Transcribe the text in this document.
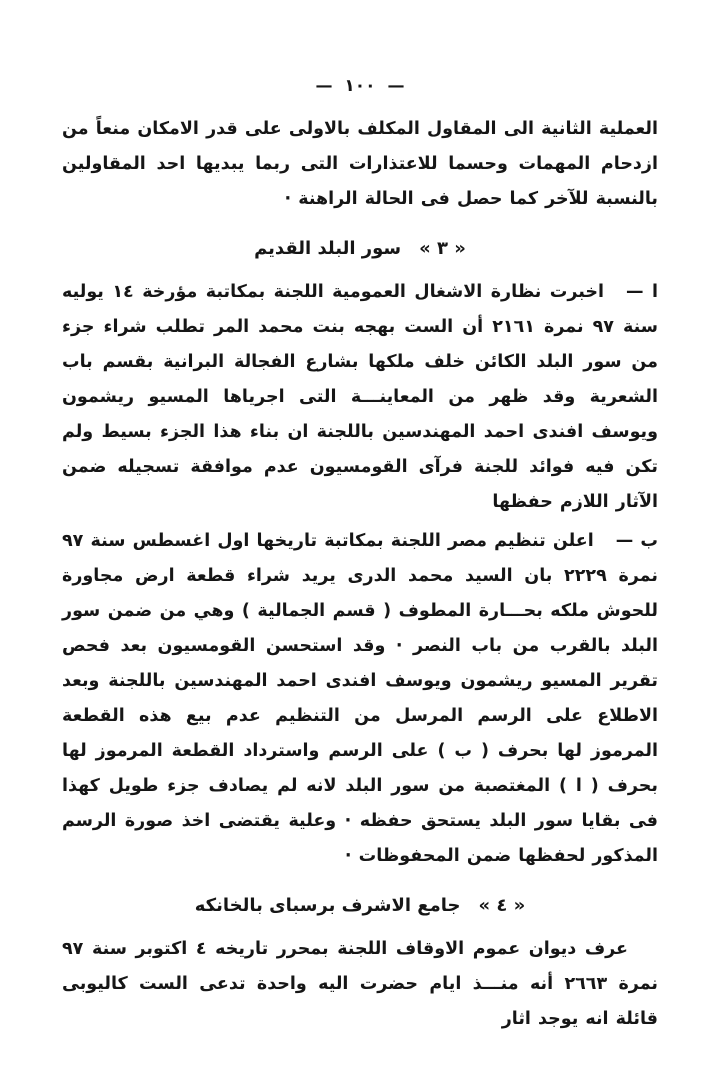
— ١٠٠ —

العملية الثانية الى المقاول المكلف بالاولى على قدر الامكان منعاً من ازدحام المهمات وحسما للاعتذارات التى ربما يبديها احد المقاولين بالنسبة للآخر كما حصل فى الحالة الراهنة ·

« ٣ »سور البلد القديم

ا —اخبرت نظارة الاشغال العمومية اللجنة بمكاتبة مؤرخة ١٤ يوليه سنة ٩٧ نمرة ٢١٦١ أن الست بهجه بنت محمد المر تطلب شراء جزء من سور البلد الكائن خلف ملكها بشارع الفجالة البرانية بقسم باب الشعرية وقد ظهر من المعاينـــة التى اجرياها المسيو ريشمون ويوسف افندى احمد المهندسين باللجنة ان بناء هذا الجزء بسيط ولم تكن فيه فوائد للجنة فرآى القومسيون عدم موافقة تسجيله ضمن الآثار اللازم حفظها

ب —اعلن تنظيم مصر اللجنة بمكاتبة تاريخها اول اغسطس سنة ٩٧ نمرة ٢٢٢٩ بان السيد محمد الدرى يريد شراء قطعة ارض مجاورة للحوش ملكه بحـــارة المطوف ( قسم الجمالية ) وهي من ضمن سور البلد بالقرب من باب النصر · وقد استحسن القومسيون بعد فحص تقرير المسيو ريشمون ويوسف افندى احمد المهندسين باللجنة وبعد الاطلاع على الرسم المرسل من التنظيم عدم بيع هذه القطعة المرموز لها بحرف ( ب ) على الرسم واسترداد القطعة المرموز لها بحرف ( ا ) المغتصبة من سور البلد لانه لم يصادف جزء طويل كهذا فى بقايا سور البلد يستحق حفظه · وعلية يقتضى اخذ صورة الرسم المذكور لحفظها ضمن المحفوظات ·

« ٤ »جامع الاشرف برسباى بالخانكه

عرف ديوان عموم الاوقاف اللجنة بمحرر تاريخه ٤ اكتوبر سنة ٩٧ نمرة ٢٦٦٣ أنه منـــذ ايام حضرت اليه واحدة تدعى الست كاليوبى قائلة انه يوجد اثار
